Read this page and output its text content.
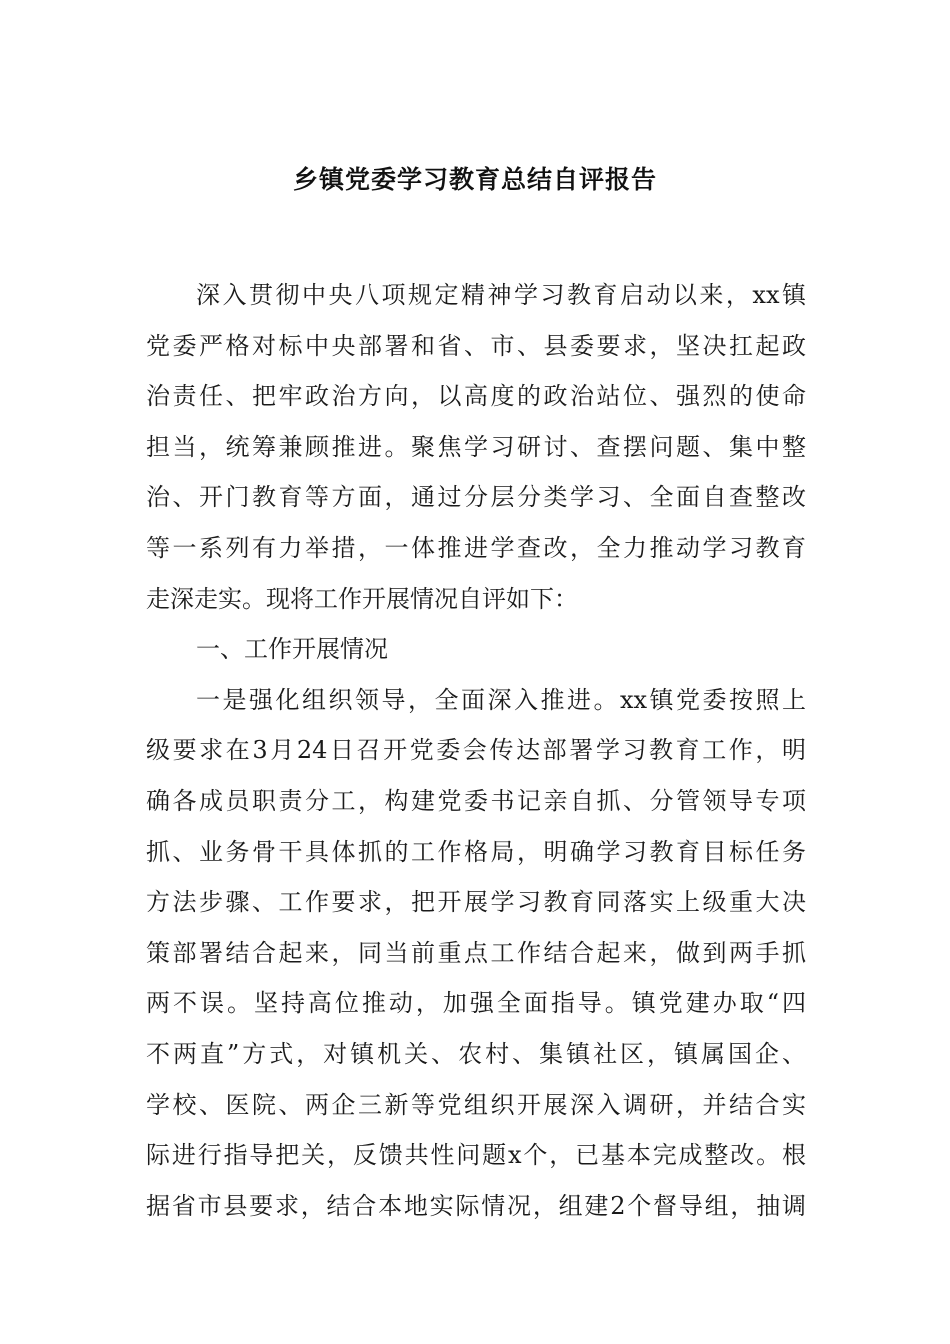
乡镇党委学习教育总结自评报告
深入贯彻中央八项规定精神学习教育启动以来，xx镇
党委严格对标中央部署和省、市、县委要求，坚决扛起政
治责任、把牢政治方向，以高度的政治站位、强烈的使命
担当，统筹兼顾推进。聚焦学习研讨、查摆问题、集中整
治、开门教育等方面，通过分层分类学习、全面自查整改
等一系列有力举措，一体推进学查改，全力推动学习教育
走深走实。现将工作开展情况自评如下：
一、工作开展情况
一是强化组织领导，全面深入推进。xx镇党委按照上
级要求在3月24日召开党委会传达部署学习教育工作，明
确各成员职责分工，构建党委书记亲自抓、分管领导专项
抓、业务骨干具体抓的工作格局，明确学习教育目标任务
方法步骤、工作要求，把开展学习教育同落实上级重大决
策部署结合起来，同当前重点工作结合起来，做到两手抓
两不误。坚持高位推动，加强全面指导。镇党建办取“四
不两直”方式，对镇机关、农村、集镇社区，镇属国企、
学校、医院、两企三新等党组织开展深入调研，并结合实
际进行指导把关，反馈共性问题x个，已基本完成整改。根
据省市县要求，结合本地实际情况，组建2个督导组，抽调
